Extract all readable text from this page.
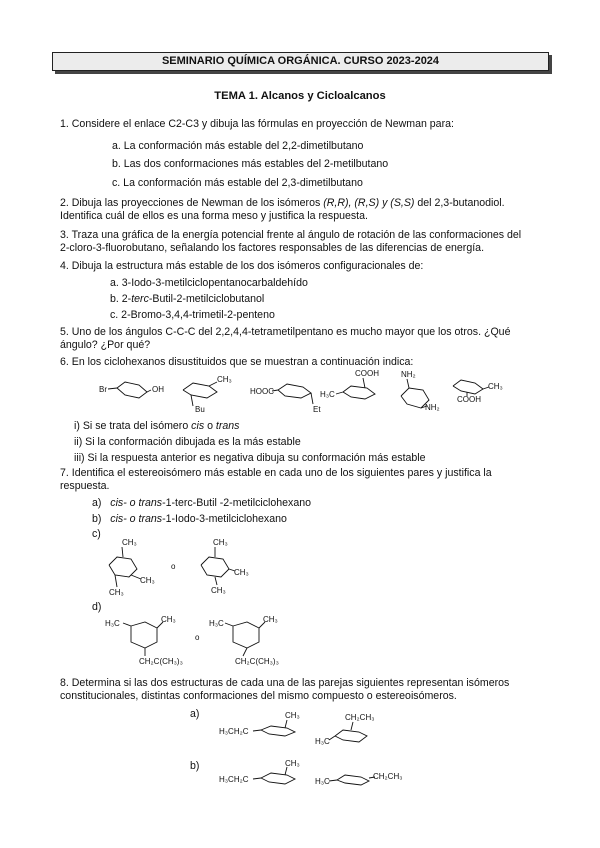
SEMINARIO QUÍMICA ORGÁNICA. CURSO 2023-2024
TEMA 1. Alcanos y Cicloalcanos
1. Considere el enlace C2-C3 y dibuja las fórmulas en proyección de Newman para:
a. La conformación más estable del 2,2-dimetilbutano
b. Las dos conformaciones más estables del 2-metilbutano
c. La conformación más estable del 2,3-dimetilbutano
2. Dibuja las proyecciones de Newman de los isómeros (R,R), (R,S) y (S,S) del 2,3-butanodiol.
Identifica cuál de ellos es una forma meso y justifica la respuesta.
3. Traza una gráfica de la energía potencial frente al ángulo de rotación de las conformaciones del
2-cloro-3-fluorobutano, señalando los factores responsables de las diferencias de energía.
4. Dibuja la estructura más estable de los dos isómeros configuracionales de:
a. 3-Iodo-3-metilciclopentanocarbaldehído
b. 2-terc-Butil-2-metilciclobutanol
c. 2-Bromo-3,4,4-trimetil-2-penteno
5. Uno de los ángulos C-C-C del 2,2,4,4-tetrametilpentano es mucho mayor que los otros. ¿Qué
ángulo? ¿Por qué?
6. En los ciclohexanos disustituidos que se muestran a continuación indica:
Br	OH
CH₃
Bu
HOOC
Et
H₃C
COOH	NH₂
NH₂
CH₃
COOH
i) Si se trata del isómero cis o trans
ii) Si la conformación dibujada es la más estable
iii) Si la respuesta anterior es negativa dibuja su conformación más estable
7. Identifica el estereoisómero más estable en cada uno de los siguientes pares y justifica la
respuesta.
a) cis- o trans-1-terc-Butil -2-metilciclohexano
b) cis- o trans-1-Iodo-3-metilciclohexano
c)
CH₃
CH₃
CH₃
o
CH₃
CH₃
CH₃
d)
H₃C	CH₃
CH₂C(CH₃)₃
o
H₃C	CH₃
CH₂C(CH₃)₃
8. Determina si las dos estructuras de cada una de las parejas siguientes representan isómeros
constitucionales, distintas conformaciones del mismo compuesto o estereoisómeros.
a)
H₃CH₂C
CH₃
H₃C
CH₂CH₃
b)
H₃CH₂C
CH₃
H₃C
CH₂CH₃
